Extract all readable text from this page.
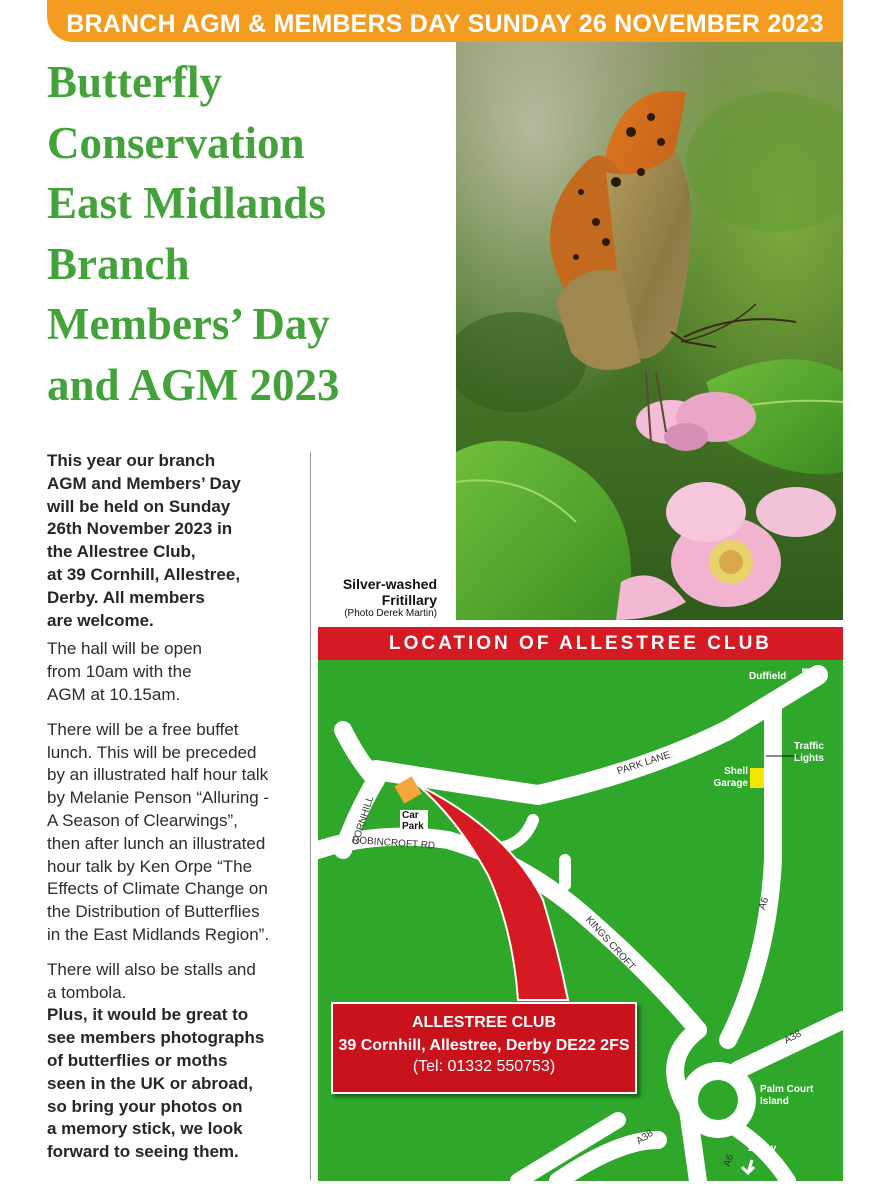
BRANCH AGM & MEMBERS DAY SUNDAY 26 NOVEMBER 2023
Butterfly
Conservation
East Midlands
Branch
Members’ Day
and AGM 2023
Silver-washed Fritillary
(Photo Derek Martin)

This year our branch
AGM and Members’ Day
will be held on Sunday
26th November 2023 in
the Allestree Club,
at 39 Cornhill, Allestree,
Derby. All members
are welcome.

The hall will be open
from 10am with the
AGM at 10.15am.

There will be a free buffet
lunch. This will be preceded
by an illustrated half hour talk
by Melanie Penson “Alluring -
A Season of Clearwings”,
then after lunch an illustrated
hour talk by Ken Orpe “The
Effects of Climate Change on
the Distribution of Butterflies
in the East Midlands Region”.

There will also be stalls and
a tombola.

Plus, it would be great to
see members photographs
of butterflies or moths
seen in the UK or abroad,
so bring your photos on
a memory stick, we look
forward to seeing them.

LOCATION OF ALLESTREE CLUB
Duffield
Traffic Lights
Shell Garage
PARK LANE
CORNHILL	Car Park
ROBINCROFT RD.
KINGS CROFT
A6
A6
A38
A38
Palm Court Island
Derby
ALLESTREE CLUB
39 Cornhill, Allestree, Derby DE22 2FS
(Tel: 01332 550753)
